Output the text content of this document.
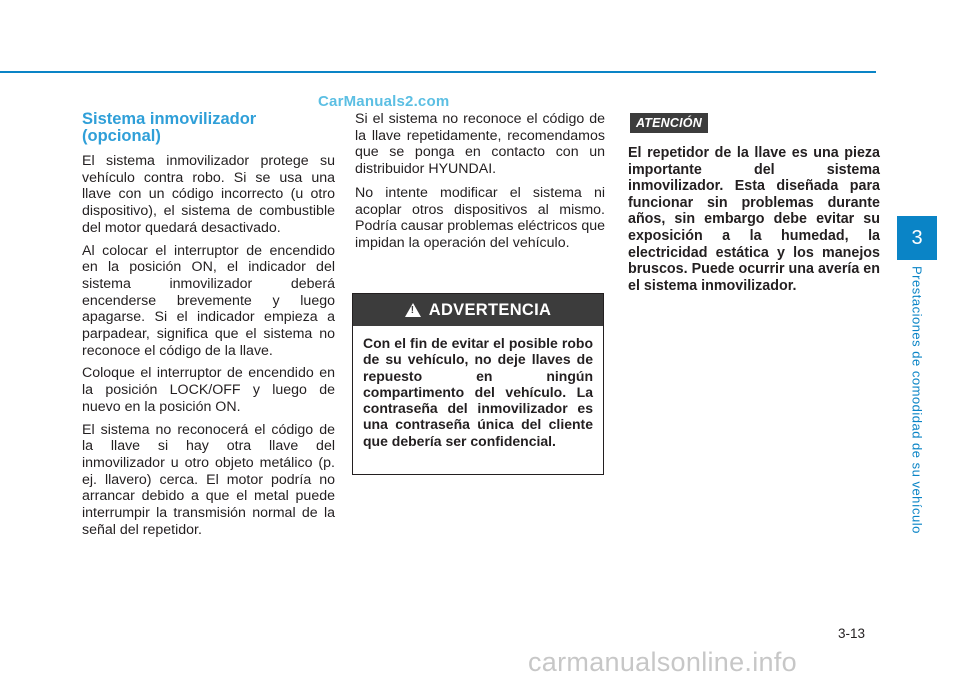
CarManuals2.com
Sistema inmovilizador
(opcional)

El sistema inmovilizador protege su vehículo contra robo. Si se usa una llave con un código incorrecto (u otro dispositivo), el sistema de combustible del motor quedará desactivado.

Al colocar el interruptor de encendido en la posición ON, el indicador del sistema inmovilizador deberá encenderse brevemente y luego apagarse. Si el indicador empieza a parpadear, significa que el sistema no reconoce el código de la llave.

Coloque el interruptor de encendido en la posición LOCK/OFF y luego de nuevo en la posición ON.

El sistema no reconocerá el código de la llave si hay otra llave del inmovilizador u otro objeto metálico (p. ej. llavero) cerca. El motor podría no arrancar debido a que el metal puede interrumpir la transmisión normal de la señal del repetidor.

Si el sistema no reconoce el código de la llave repetidamente, recomendamos que se ponga en contacto con un distribuidor HYUNDAI.

No intente modificar el sistema ni acoplar otros dispositivos al mismo. Podría causar problemas eléctricos que impidan la operación del vehículo.

!
ADVERTENCIA
Con el fin de evitar el posible robo de su vehículo, no deje llaves de repuesto en ningún compartimento del vehículo. La contraseña del inmovilizador es una contraseña única del cliente que debería ser confidencial.
ATENCIÓN

El repetidor de la llave es una pieza importante del sistema inmovilizador. Esta diseñada para funcionar sin problemas durante años, sin embargo debe evitar su exposición a la humedad, la electricidad estática y los manejos bruscos. Puede ocurrir una avería en el sistema inmovilizador.

3
Prestaciones de comodidad de su vehículo
3-13
carmanualsonline.info
